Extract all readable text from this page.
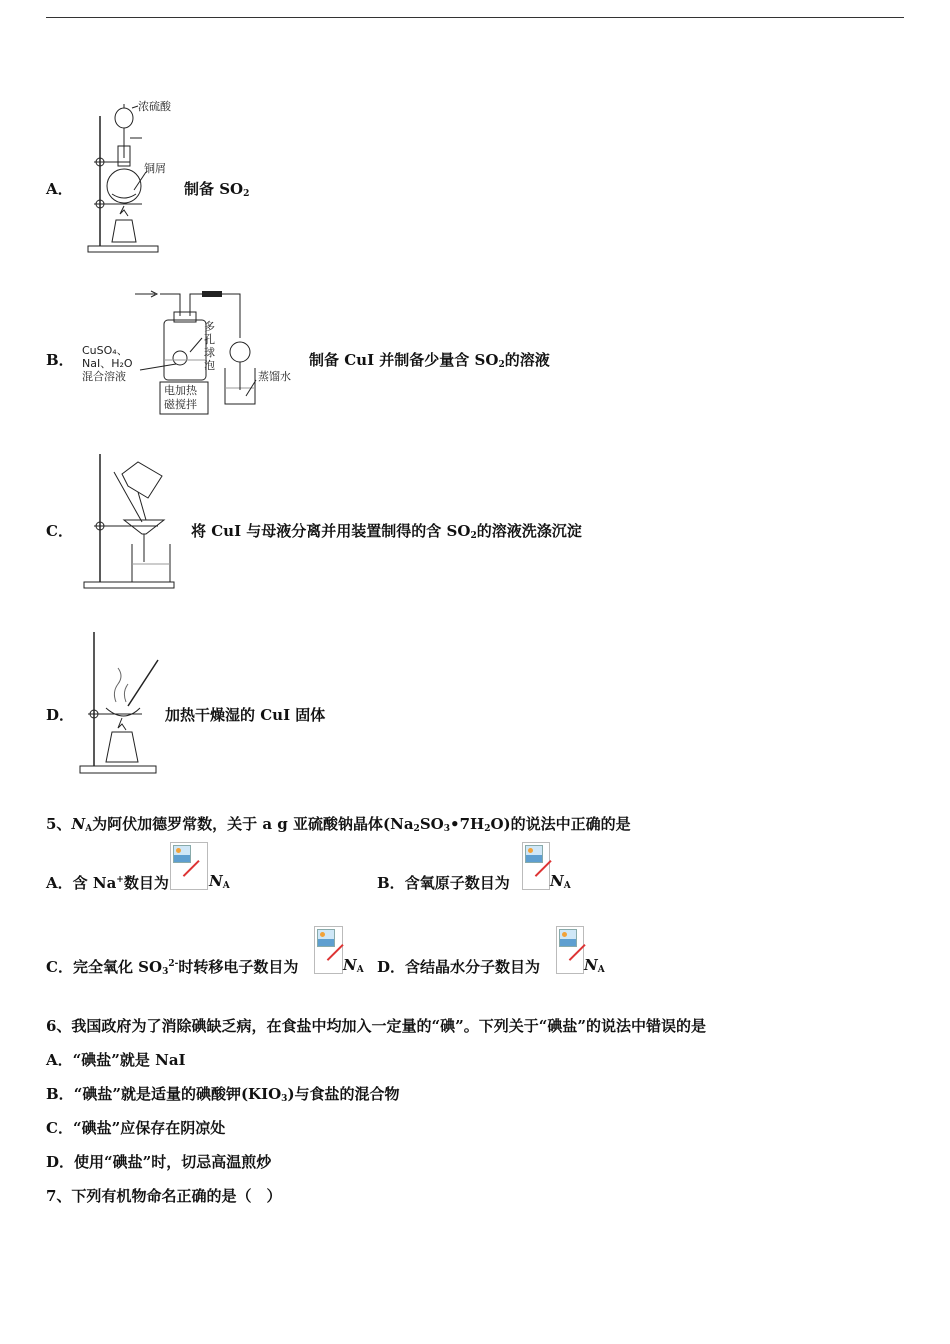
A．
浓硫酸
铜屑
制备 $SO_2$
B．
CuSO₄、
NaI、H₂O
混合溶液
多
孔
球
泡
电加热
磁搅拌
蒸馏水
制备 CuI 并制备少量含 $SO_2$的溶液
C．	将 CuI 与母液分离并用装置制得的含 $SO_2$的溶液洗涤沉淀
D．	加热干燥湿的 CuI 固体
5、$N_A$为阿伏加德罗常数，关于 a g 亚硫酸钠晶体$(Na_2SO_3•7H_2O)$的说法中正确的是
A．含 Na+数目为	$N_A$	B．含氧原子数目为	$N_A$
C．完全氧化 $SO_3^{2-}$时转移电子数目为	$N_A$ D．含结晶水分子数目为	$N_A$
6、我国政府为了消除碘缺乏病，在食盐中均加入一定量的“碘”。下列关于“碘盐”的说法中错误的是
A．“碘盐”就是 NaI
B．“碘盐”就是适量的碘酸钾$(KIO_3)$与食盐的混合物
C．“碘盐”应保存在阴凉处
D．使用“碘盐”时，切忌高温煎炒
7、下列有机物命名正确的是（　）
